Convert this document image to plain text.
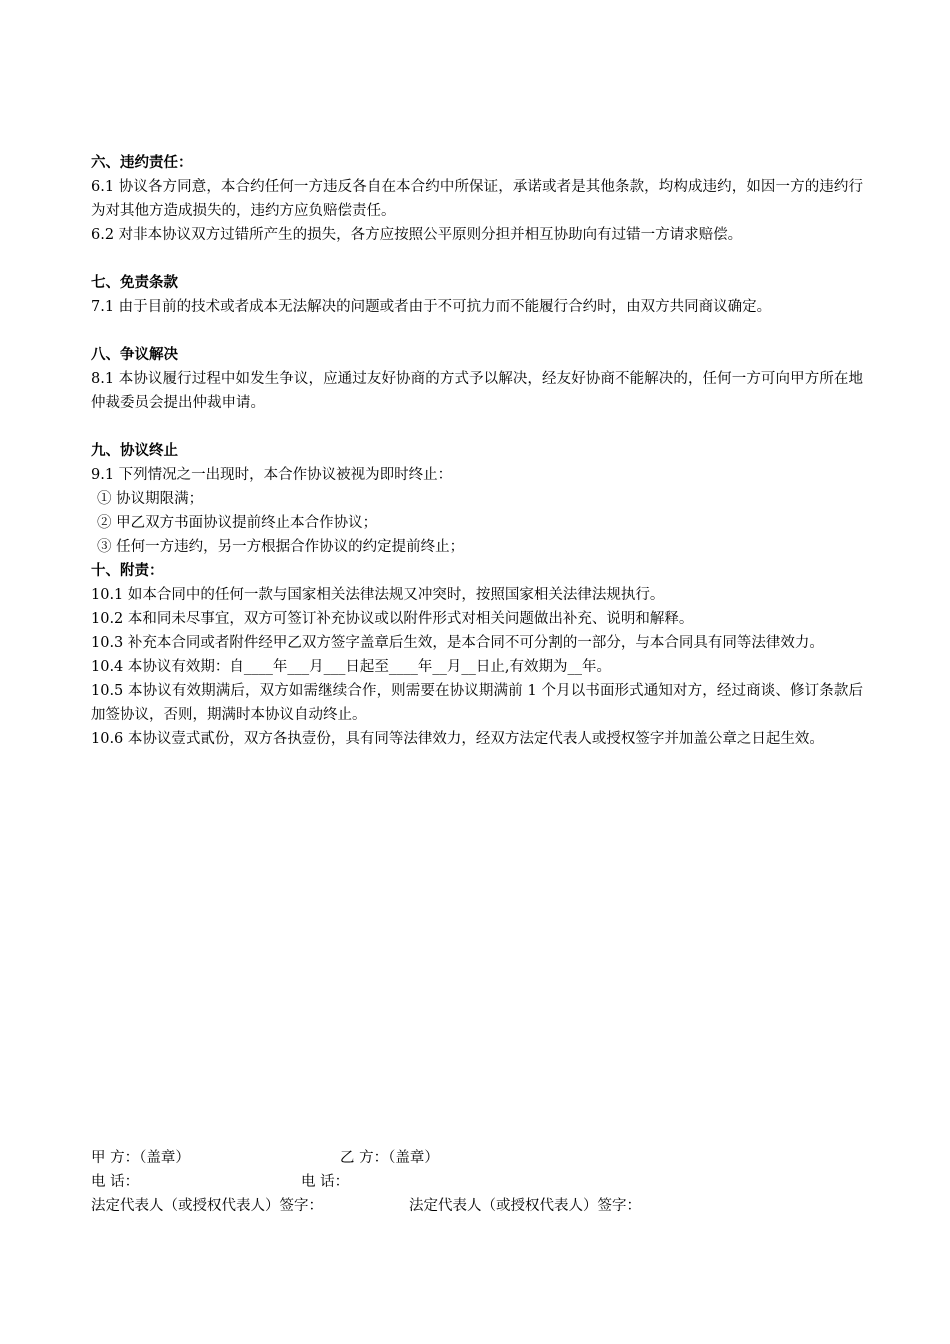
六、违约责任：
6.1 协议各方同意，本合约任何一方违反各自在本合约中所保证，承诺或者是其他条款，均构成违约，如因一方的违约行为对其他方造成损失的，违约方应负赔偿责任。
6.2 对非本协议双方过错所产生的损失，各方应按照公平原则分担并相互协助向有过错一方请求赔偿。
七、免责条款
7.1 由于目前的技术或者成本无法解决的问题或者由于不可抗力而不能履行合约时，由双方共同商议确定。
八、争议解决
8.1 本协议履行过程中如发生争议，应通过友好协商的方式予以解决，经友好协商不能解决的，任何一方可向甲方所在地仲裁委员会提出仲裁申请。
九、协议终止
9.1 下列情况之一出现时，本合作协议被视为即时终止：
① 协议期限满；
② 甲乙双方书面协议提前终止本合作协议；
③ 任何一方违约，另一方根据合作协议的约定提前终止；
十、附责：
10.1 如本合同中的任何一款与国家相关法律法规又冲突时，按照国家相关法律法规执行。
10.2 本和同未尽事宜，双方可签订补充协议或以附件形式对相关问题做出补充、说明和解释。
10.3 补充本合同或者附件经甲乙双方签字盖章后生效，是本合同不可分割的一部分，与本合同具有同等法律效力。
10.4 本协议有效期：自____年___月___日起至____年__月__日止,有效期为__年。
10.5 本协议有效期满后，双方如需继续合作，则需要在协议期满前 1 个月以书面形式通知对方，经过商谈、修订条款后加签协议，否则，期满时本协议自动终止。
10.6 本协议壹式貳份，双方各执壹份，具有同等法律效力，经双方法定代表人或授权签字并加盖公章之日起生效。
甲 方：（盖章）	乙 方：（盖章）
电 话：	电 话：
法定代表人（或授权代表人）签字：	法定代表人（或授权代表人）签字：
